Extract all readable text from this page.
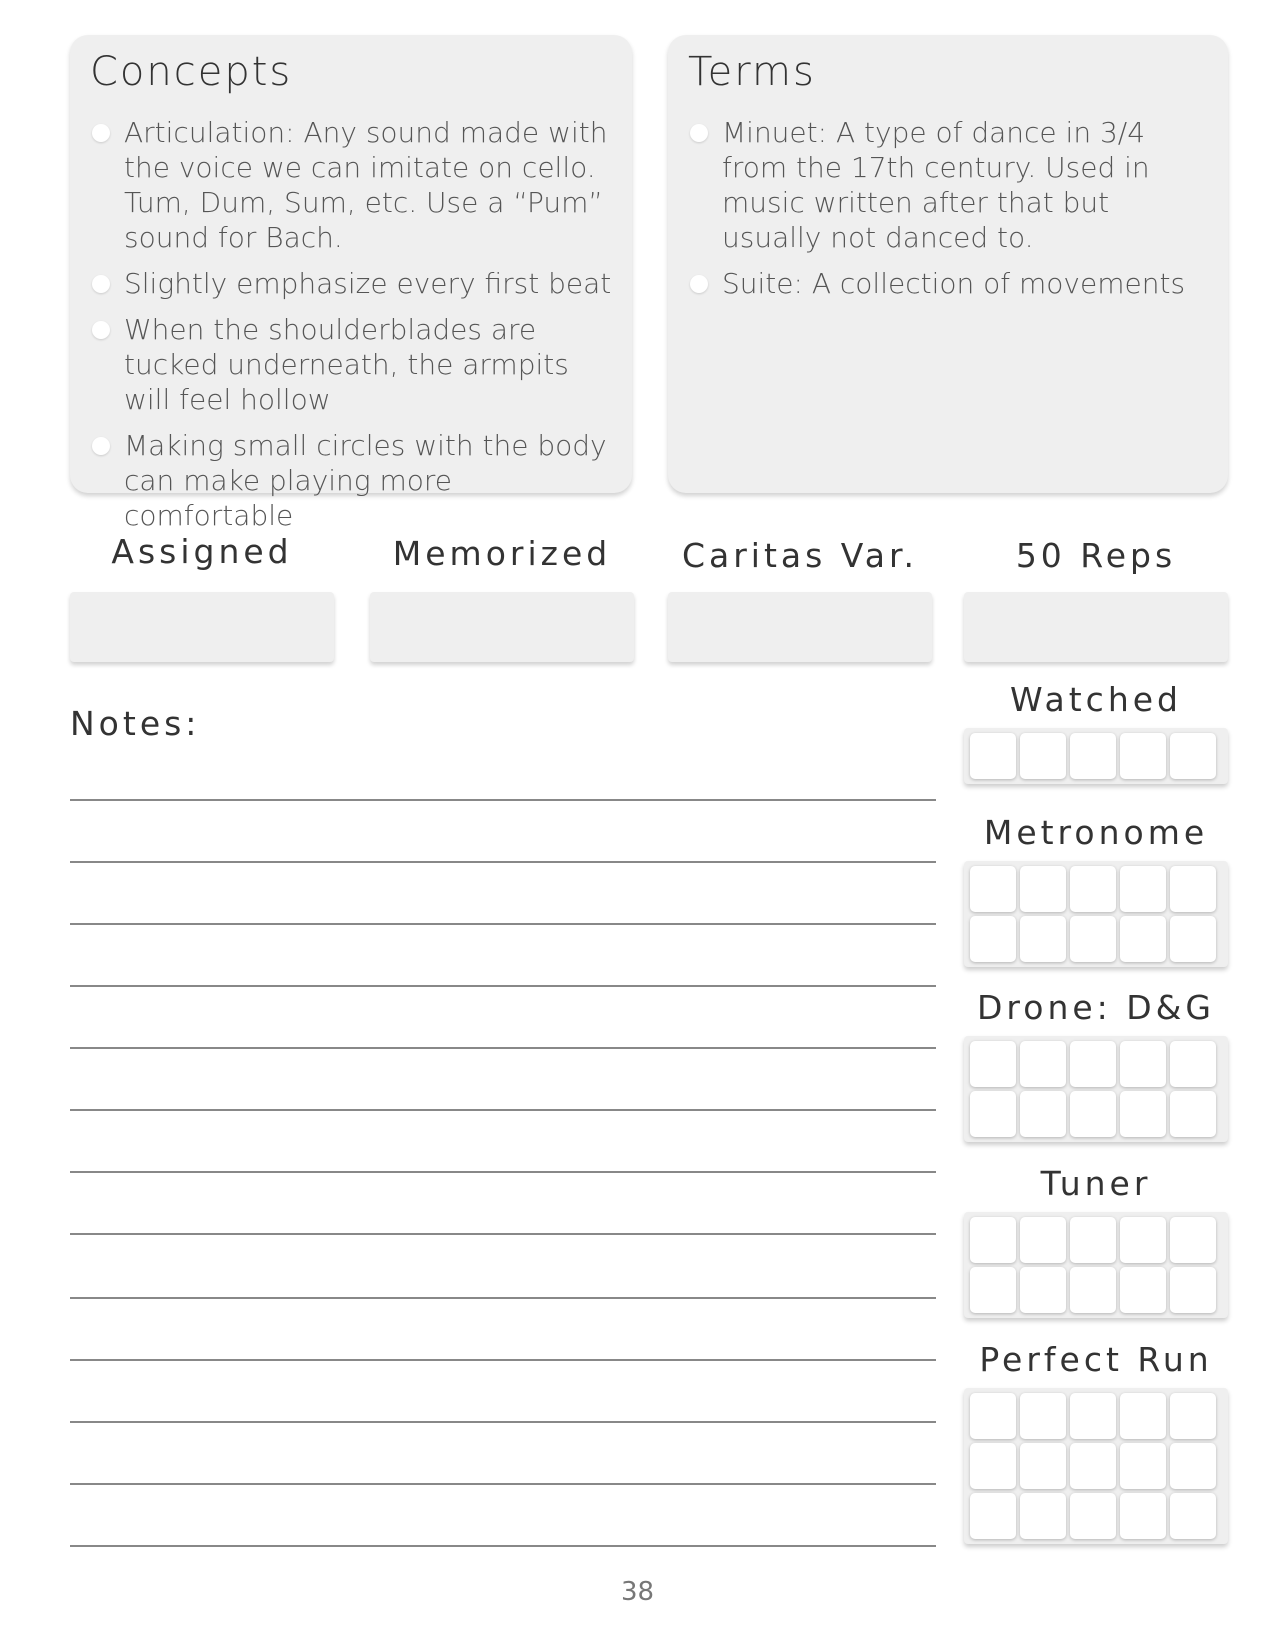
Concepts
Articulation: Any sound made with the voice we can imitate on cello. Tum, Dum, Sum, etc. Use a “Pum” sound for Bach.
Slightly emphasize every first beat
When the shoulderblades are tucked underneath, the armpits will feel hollow
Making small circles with the body can make playing more comfortable
Terms
Minuet: A type of dance in 3/4 from the 17th century. Used in music written after that but usually not danced to.
Suite: A collection of movements
Assigned	Memorized	Caritas Var.	50 Reps
Notes:
Watched
Metronome
Drone: D&G
Tuner
Perfect Run
38
